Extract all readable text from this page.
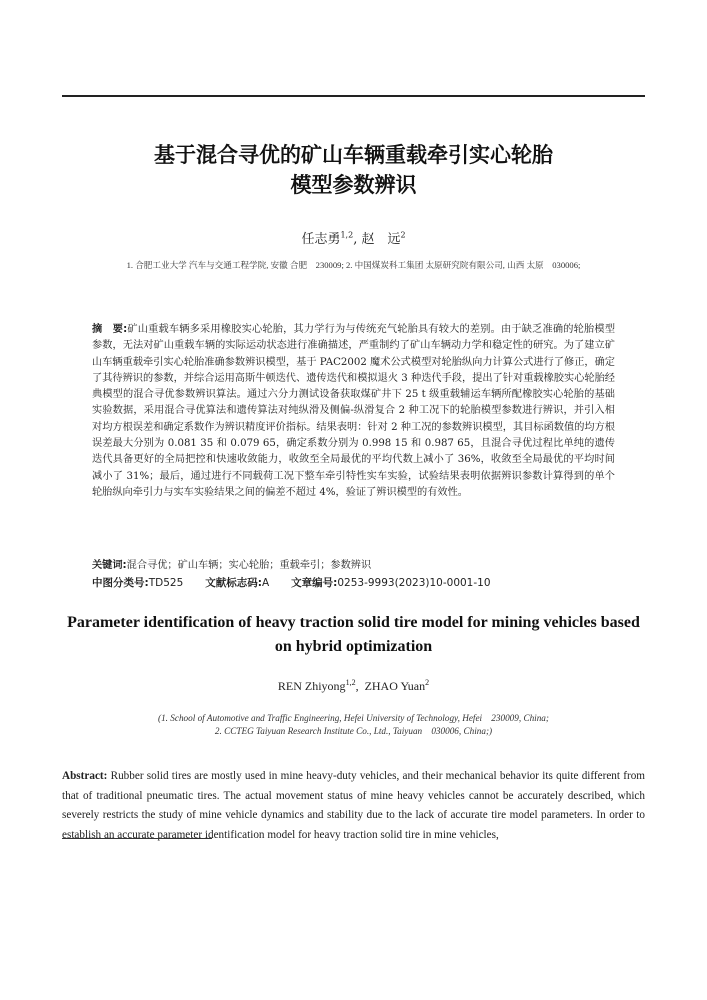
基于混合寻优的矿山车辆重载牵引实心轮胎
模型参数辨识
任志勇$^{1,2}$, 赵　远$^2$
1. 合肥工业大学 汽车与交通工程学院, 安徽 合肥　230009; 2. 中国煤炭科工集团 太原研究院有限公司, 山西 太原　030006;
摘　要:矿山重载车辆多采用橡胶实心轮胎，其力学行为与传统充气轮胎具有较大的差别。由于缺乏准确的轮胎模型参数，无法对矿山重载车辆的实际运动状态进行准确描述，严重制约了矿山车辆动力学和稳定性的研究。为了建立矿山车辆重载牵引实心轮胎准确参数辨识模型，基于 PAC2002 魔术公式模型对轮胎纵向力计算公式进行了修正，确定了其待辨识的参数，并综合运用高斯牛顿迭代、遗传迭代和模拟退火 3 种迭代手段，提出了针对重载橡胶实心轮胎经典模型的混合寻优参数辨识算法。通过六分力测试设备获取煤矿井下 25 t 级重载辅运车辆所配橡胶实心轮胎的基础实验数据，采用混合寻优算法和遗传算法对纯纵滑及侧偏-纵滑复合 2 种工况下的轮胎模型参数进行辨识，并引入相对均方根误差和确定系数作为辨识精度评价指标。结果表明：针对 2 种工况的参数辨识模型，其目标函数值的均方根误差最大分别为 0.081 35 和 0.079 65，确定系数分别为 0.998 15 和 0.987 65，且混合寻优过程比单纯的遗传迭代具备更好的全局把控和快速收敛能力，收敛至全局最优的平均代数上减小了 36%，收敛至全局最优的平均时间减小了 31%；最后，通过进行不同载荷工况下整车牵引特性实车实验，试验结果表明依据辨识参数计算得到的单个轮胎纵向牵引力与实车实验结果之间的偏差不超过 4%，验证了辨识模型的有效性。
关键词:混合寻优；矿山车辆；实心轮胎；重载牵引；参数辨识
中图分类号:TD525 文献标志码:A 文章编号:0253-9993(2023)10-0001-10
Parameter identification of heavy traction solid tire model for mining vehicles based
on hybrid optimization
REN Zhiyong$^{1,2}$,  ZHAO Yuan$^2$
(1. School of Automotive and Traffic Engineering, Hefei University of Technology, Hefei　230009, China;
2. CCTEG Taiyuan Research Institute Co., Ltd., Taiyuan　030006, China;)
Abstract: Rubber solid tires are mostly used in mine heavy-duty vehicles, and their mechanical behavior its quite different from that of traditional pneumatic tires. The actual movement status of mine heavy vehicles cannot be accurately described, which severely restricts the study of mine vehicle dynamics and stability due to the lack of accurate tire model parameters. In order to establish an accurate parameter identification model for heavy traction solid tire in mine vehicles,
